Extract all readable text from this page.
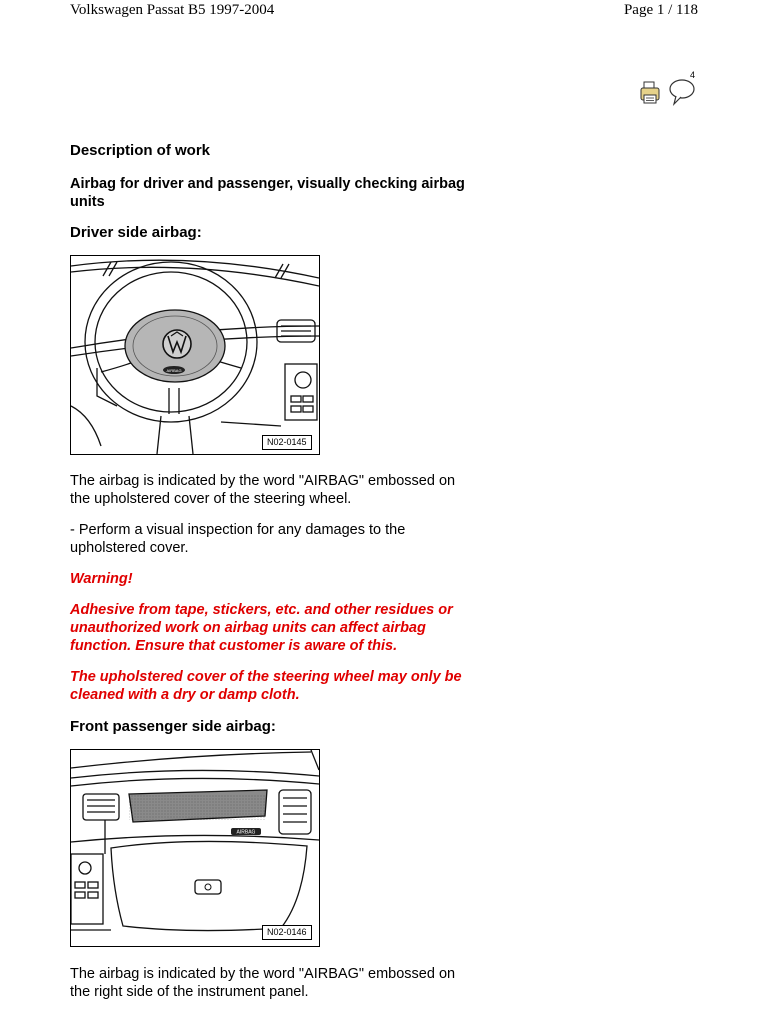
Volkswagen Passat B5 1997-2004	Page 1 / 118
4
Description of work
Airbag for driver and passenger, visually checking airbag units
Driver side airbag:
AIRBAG
N02-0145
The airbag is indicated by the word "AIRBAG" embossed on the upholstered cover of the steering wheel.
- Perform a visual inspection for any damages to the upholstered cover.
Warning!
Adhesive from tape, stickers, etc. and other residues or unauthorized work on airbag units can affect airbag function. Ensure that customer is aware of this.
The upholstered cover of the steering wheel may only be cleaned with a dry or damp cloth.
Front passenger side airbag:
AIRBAG
N02-0146
The airbag is indicated by the word "AIRBAG" embossed on the right side of the instrument panel.
